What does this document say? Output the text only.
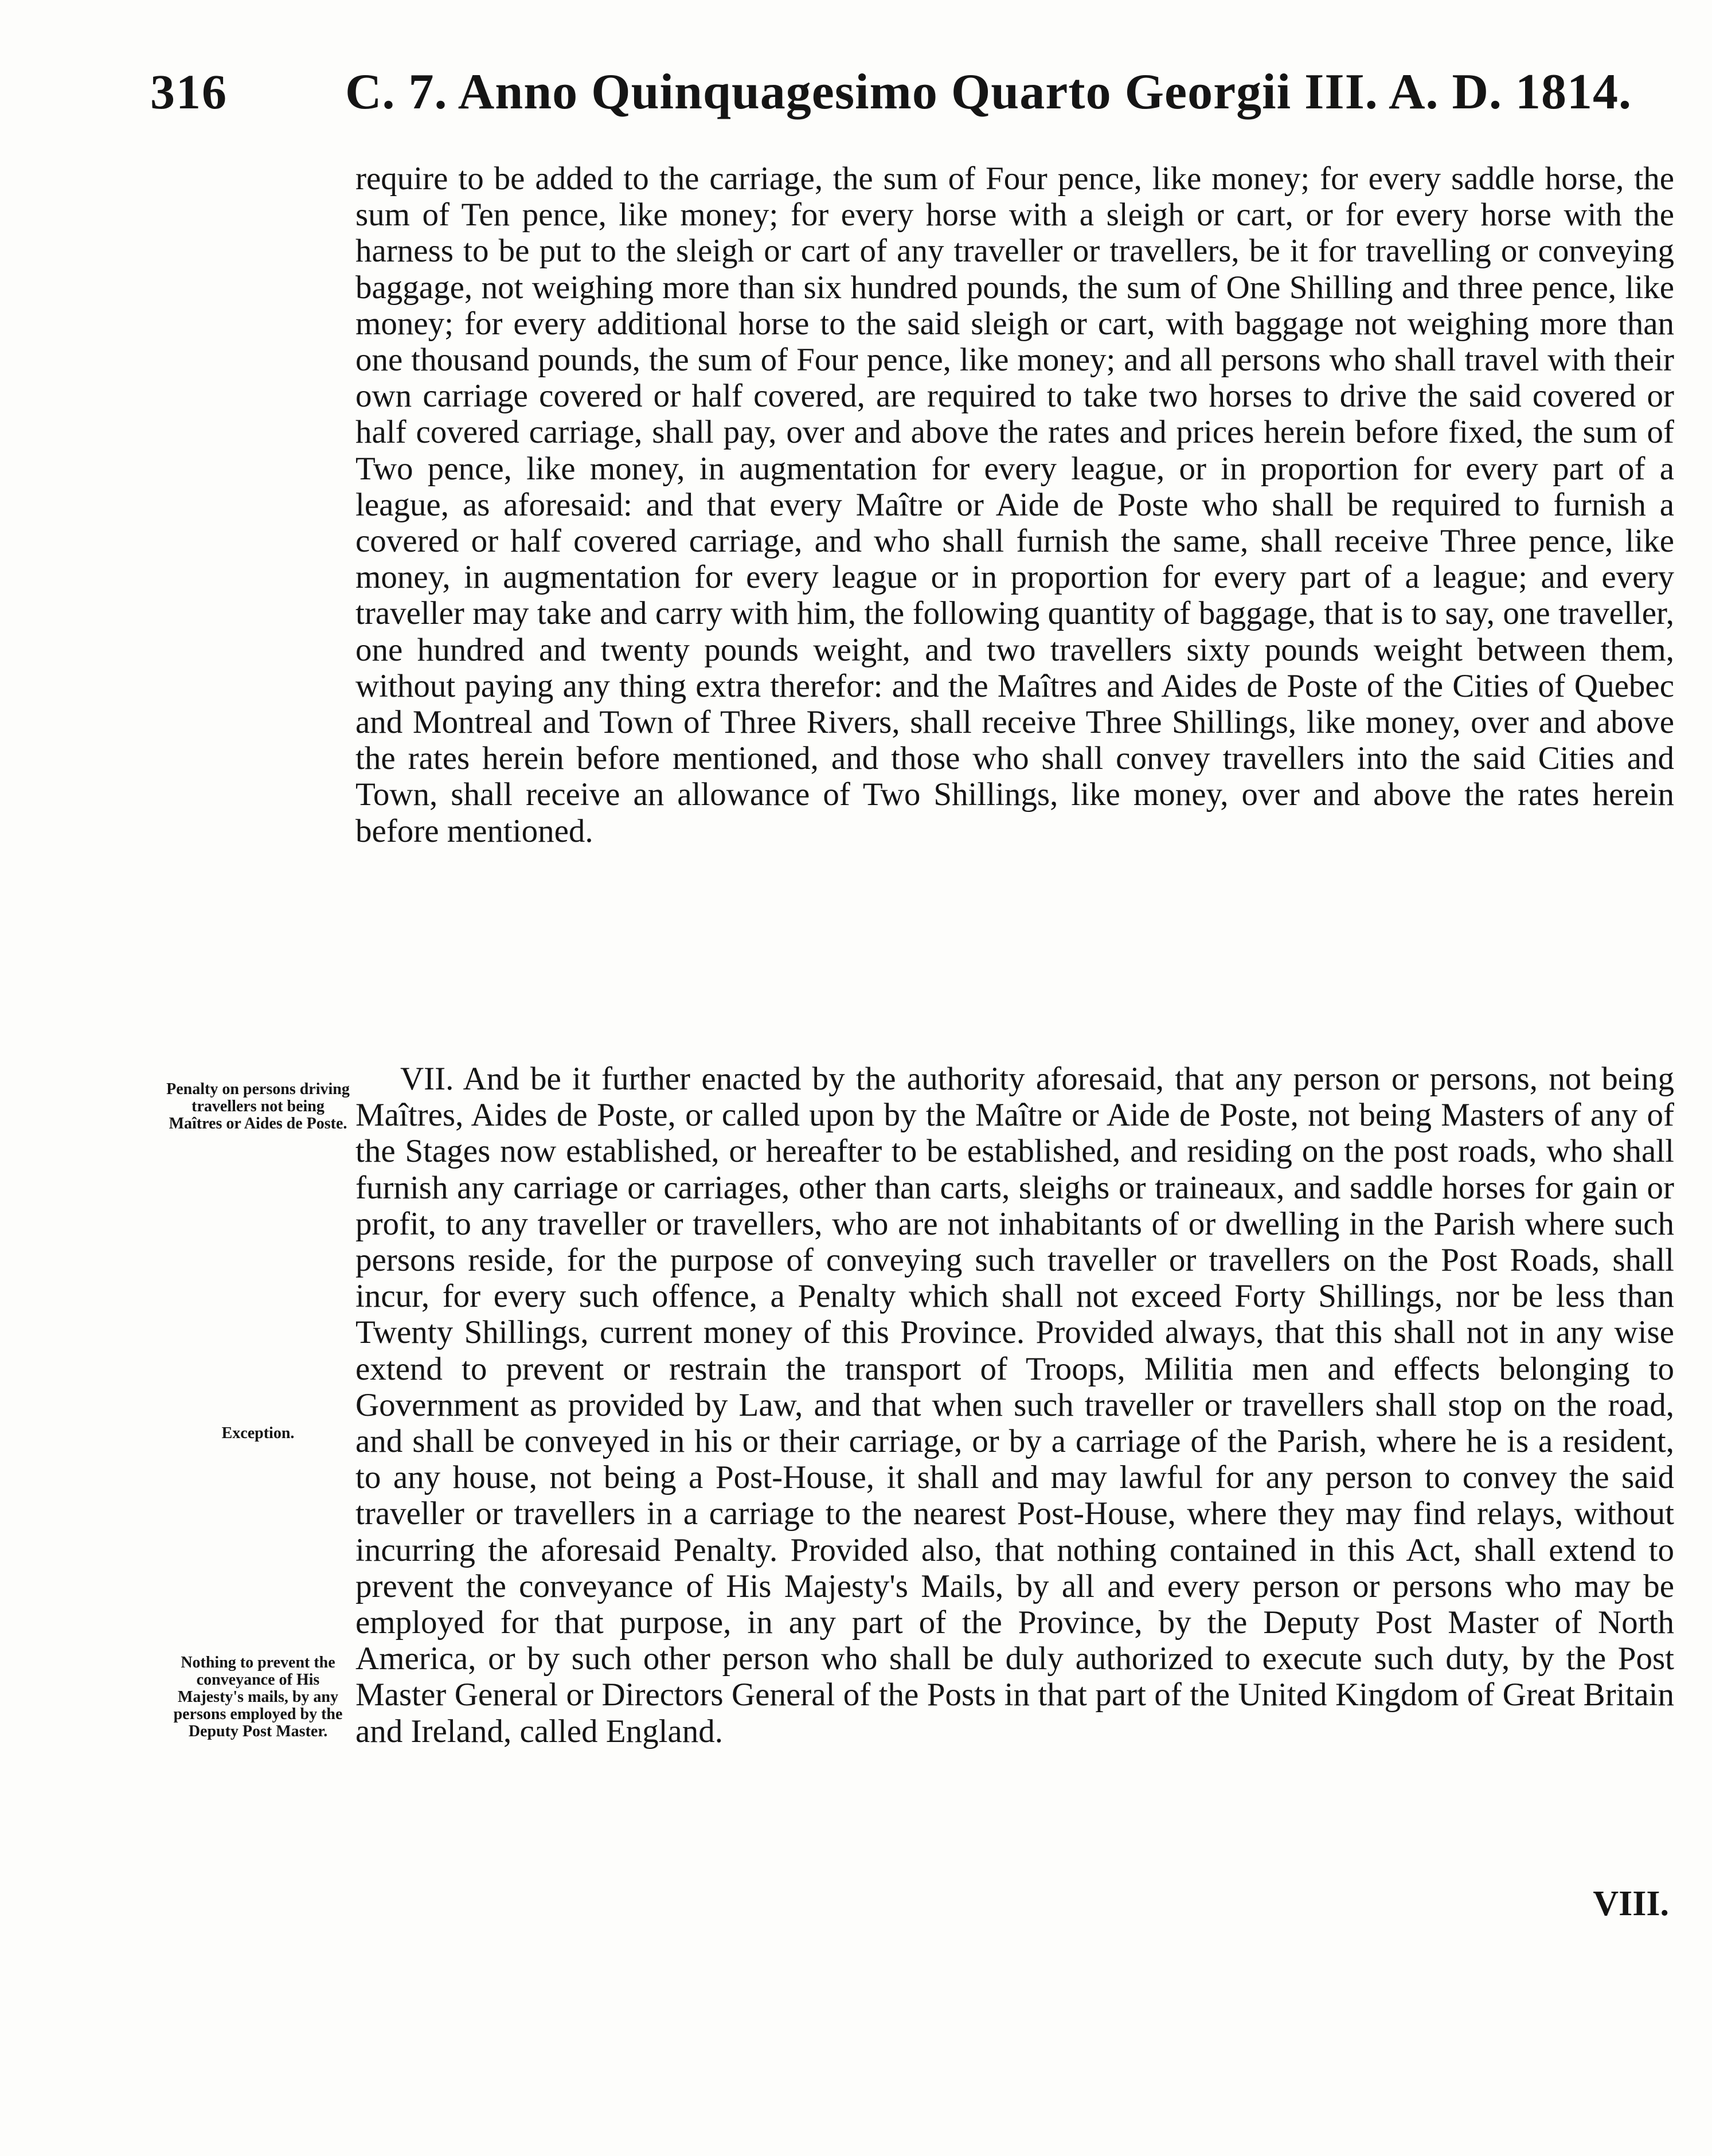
316 C. 7. Anno Quinquagesimo Quarto Georgii III. A. D. 1814.
require to be added to the carriage, the sum of Four pence, like money; for every saddle horse, the sum of Ten pence, like money; for every horse with a sleigh or cart, or for every horse with the harness to be put to the sleigh or cart of any traveller or travellers, be it for travelling or conveying baggage, not weighing more than six hundred pounds, the sum of One Shilling and three pence, like money; for every additional horse to the said sleigh or cart, with baggage not weighing more than one thousand pounds, the sum of Four pence, like money; and all persons who shall travel with their own carriage covered or half covered, are required to take two horses to drive the said covered or half covered carriage, shall pay, over and above the rates and prices herein before fixed, the sum of Two pence, like money, in augmentation for every league, or in proportion for every part of a league, as aforesaid: and that every Maître or Aide de Poste who shall be required to furnish a covered or half covered carriage, and who shall furnish the same, shall receive Three pence, like money, in augmentation for every league or in proportion for every part of a league; and every traveller may take and carry with him, the following quantity of baggage, that is to say, one traveller, one hundred and twenty pounds weight, and two travellers sixty pounds weight between them, without paying any thing extra therefor: and the Maîtres and Aides de Poste of the Cities of Quebec and Montreal and Town of Three Rivers, shall receive Three Shillings, like money, over and above the rates herein before mentioned, and those who shall convey travellers into the said Cities and Town, shall receive an allowance of Two Shillings, like money, over and above the rates herein before mentioned.
Penalty on persons driving travellers not being Maîtres or Aides de Poste.
Exception.
Nothing to prevent the conveyance of His Majesty's mails, by any persons employed by the Deputy Post Master.
VII. And be it further enacted by the authority aforesaid, that any person or persons, not being Maîtres, Aides de Poste, or called upon by the Maître or Aide de Poste, not being Masters of any of the Stages now established, or hereafter to be established, and residing on the post roads, who shall furnish any carriage or carriages, other than carts, sleighs or traineaux, and saddle horses for gain or profit, to any traveller or travellers, who are not inhabitants of or dwelling in the Parish where such persons reside, for the purpose of conveying such traveller or travellers on the Post Roads, shall incur, for every such offence, a Penalty which shall not exceed Forty Shillings, nor be less than Twenty Shillings, current money of this Province. Provided always, that this shall not in any wise extend to prevent or restrain the transport of Troops, Militia men and effects belonging to Government as provided by Law, and that when such traveller or travellers shall stop on the road, and shall be conveyed in his or their carriage, or by a carriage of the Parish, where he is a resident, to any house, not being a Post-House, it shall and may lawful for any person to convey the said traveller or travellers in a carriage to the nearest Post-House, where they may find relays, without incurring the aforesaid Penalty. Provided also, that nothing contained in this Act, shall extend to prevent the conveyance of His Majesty's Mails, by all and every person or persons who may be employed for that purpose, in any part of the Province, by the Deputy Post Master of North America, or by such other person who shall be duly authorized to execute such duty, by the Post Master General or Directors General of the Posts in that part of the United Kingdom of Great Britain and Ireland, called England.
VIII.
